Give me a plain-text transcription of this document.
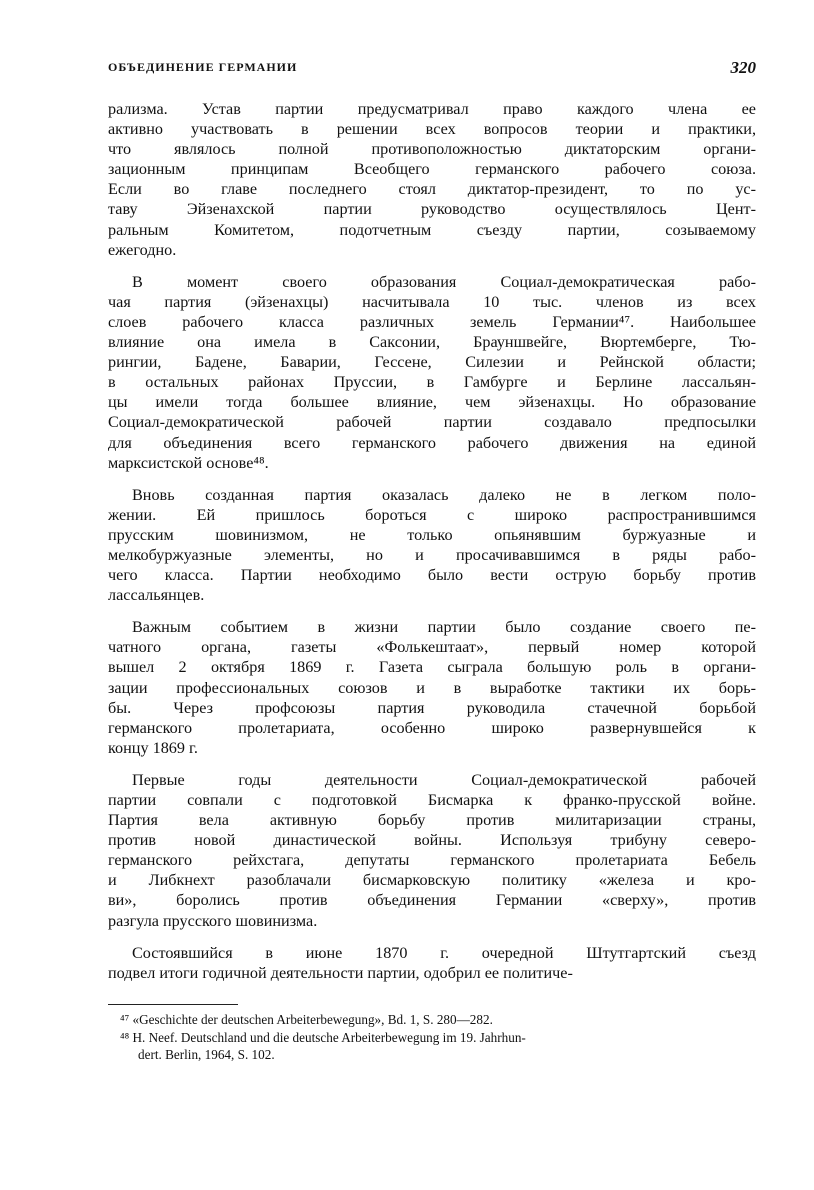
ОБЪЕДИНЕНИЕ ГЕРМАНИИ	320
рализма. Устав партии предусматривал право каждого члена ее
активно участвовать в решении всех вопросов теории и практики,
что являлось полной противоположностью диктаторским органи-
зационным принципам Всеобщего германского рабочего союза.
Если во главе последнего стоял диктатор-президент, то по ус-
таву Эйзенахской партии руководство осуществлялось Цент-
ральным Комитетом, подотчетным съезду партии, созываемому
ежегодно.
В момент своего образования Социал-демократическая рабо-
чая партия (эйзенахцы) насчитывала 10 тыс. членов из всех
слоев рабочего класса различных земель Германии⁴⁷. Наибольшее
влияние она имела в Саксонии, Брауншвейге, Вюртемберге, Тю-
рингии, Бадене, Баварии, Гессене, Силезии и Рейнской области;
в остальных районах Пруссии, в Гамбурге и Берлине лассальян-
цы имели тогда большее влияние, чем эйзенахцы. Но образование
Социал-демократической рабочей партии создавало предпосылки
для объединения всего германского рабочего движения на единой
марксистской основе⁴⁸.
Вновь созданная партия оказалась далеко не в легком поло-
жении. Ей пришлось бороться с широко распространившимся
прусским шовинизмом, не только опьянявшим буржуазные и
мелкобуржуазные элементы, но и просачивавшимся в ряды рабо-
чего класса. Партии необходимо было вести острую борьбу против
лассальянцев.
Важным событием в жизни партии было создание своего пе-
чатного органа, газеты «Фолькештаат», первый номер которой
вышел 2 октября 1869 г. Газета сыграла большую роль в органи-
зации профессиональных союзов и в выработке тактики их борь-
бы. Через профсоюзы партия руководила стачечной борьбой
германского пролетариата, особенно широко развернувшейся к
концу 1869 г.
Первые годы деятельности Социал-демократической рабочей
партии совпали с подготовкой Бисмарка к франко-прусской войне.
Партия вела активную борьбу против милитаризации страны,
против новой династической войны. Используя трибуну северо-
германского рейхстага, депутаты германского пролетариата Бебель
и Либкнехт разоблачали бисмарковскую политику «железа и кро-
ви», боролись против объединения Германии «сверху», против
разгула прусского шовинизма.
Состоявшийся в июне 1870 г. очередной Штутгартский съезд
подвел итоги годичной деятельности партии, одобрил ее политиче-
⁴⁷ «Geschichte der deutschen Arbeiterbewegung», Bd. 1, S. 280—282.
⁴⁸ H. Neef. Deutschland und die deutsche Arbeiterbewegung im 19. Jahrhun-
dert. Berlin, 1964, S. 102.
